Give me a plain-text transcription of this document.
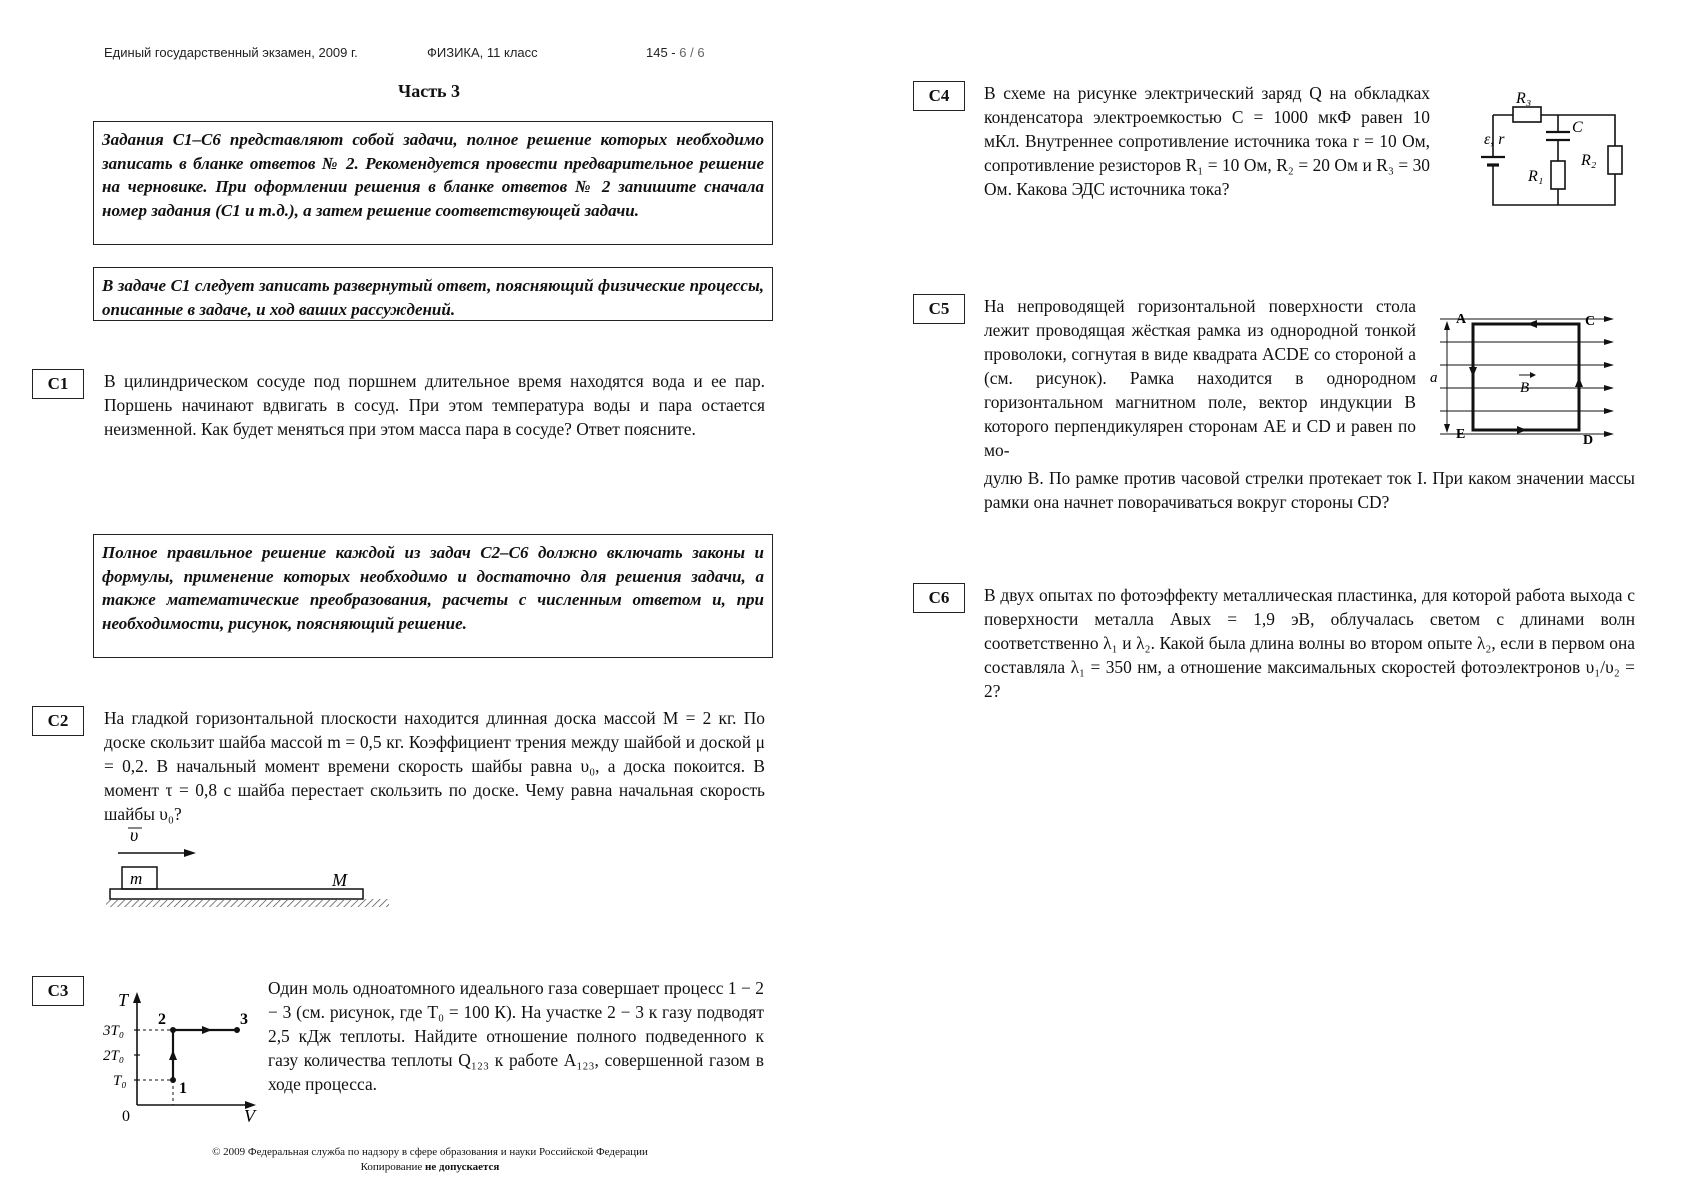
Единый государственный экзамен, 2009 г.	ФИЗИКА, 11 класс	145 - 6 / 6
Часть 3
Задания С1–С6 представляют собой задачи, полное решение которых необходимо записать в бланке ответов № 2. Рекомендуется провести предварительное решение на черновике. При оформлении решения в бланке ответов № 2 запишите сначала номер задания (С1 и т.д.), а затем решение соответствующей задачи.
В задаче С1 следует записать развернутый ответ, поясняющий физические процессы, описанные в задаче, и ход ваших рассуждений.
Полное правильное решение каждой из задач С2–С6 должно включать законы и формулы, применение которых необходимо и достаточно для решения задачи, а также математические преобразования, расчеты с численным ответом и, при необходимости, рисунок, поясняющий решение.
C1	В цилиндрическом сосуде под поршнем длительное время находятся вода и ее пар. Поршень начинают вдвигать в сосуд. При этом температура воды и пара остается неизменной. Как будет меняться при этом масса пара в сосуде? Ответ поясните.

C2	На гладкой горизонтальной плоскости находится длинная доска массой M = 2 кг. По доске скользит шайба массой m = 0,5 кг. Коэффициент трения между шайбой и доской μ = 0,2. В начальный момент времени скорость шайбы равна υ₀, а доска покоится. В момент τ = 0,8 с шайба перестает скользить по доске. Чему равна начальная скорость шайбы υ₀?

υ
m	M
C3	T
V
0
3T₀
2T₀
T₀	1
2	3

Один моль одноатомного идеального газа совершает процесс 1 − 2 − 3 (см. рисунок, где T₀ = 100 К). На участке 2 − 3 к газу подводят 2,5 кДж теплоты. Найдите отношение полного подведенного к газу количества теплоты Q₁₂₃ к работе A₁₂₃, совершенной газом в ходе процесса.

© 2009 Федеральная служба по надзору в сфере образования и науки Российской Федерации
Копирование не допускается
C4	В схеме на рисунке электрический заряд Q на обкладках конденсатора электроемкостью C = 1000 мкФ равен 10 мКл. Внутреннее сопротивление источника тока r = 10 Ом, сопротивление резисторов R₁ = 10 Ом, R₂ = 20 Ом и R₃ = 30 Ом. Какова ЭДС источника тока?

ε, r
R₃
C
R₁
R₂
C5	На непроводящей горизонтальной поверхности стола лежит проводящая жёсткая рамка из однородной тонкой проволоки, согнутая в виде квадрата ACDE со стороной a (см. рисунок). Рамка находится в однородном горизонтальном магнитном поле, вектор индукции B которого перпендикулярен сторонам AE и CD и равен по мо-

дулю B. По рамке против часовой стрелки протекает ток I. При каком значении массы рамки она начнет поворачиваться вокруг стороны CD?

a
A	C
E	D
B
C6	В двух опытах по фотоэффекту металлическая пластинка, для которой работа выхода с поверхности металла Aвых = 1,9 эВ, облучалась светом с длинами волн соответственно λ₁ и λ₂. Какой была длина волны во втором опыте λ₂, если в первом она составляла λ₁ = 350 нм, а отношение максимальных скоростей фотоэлектронов υ₁/υ₂ = 2?
